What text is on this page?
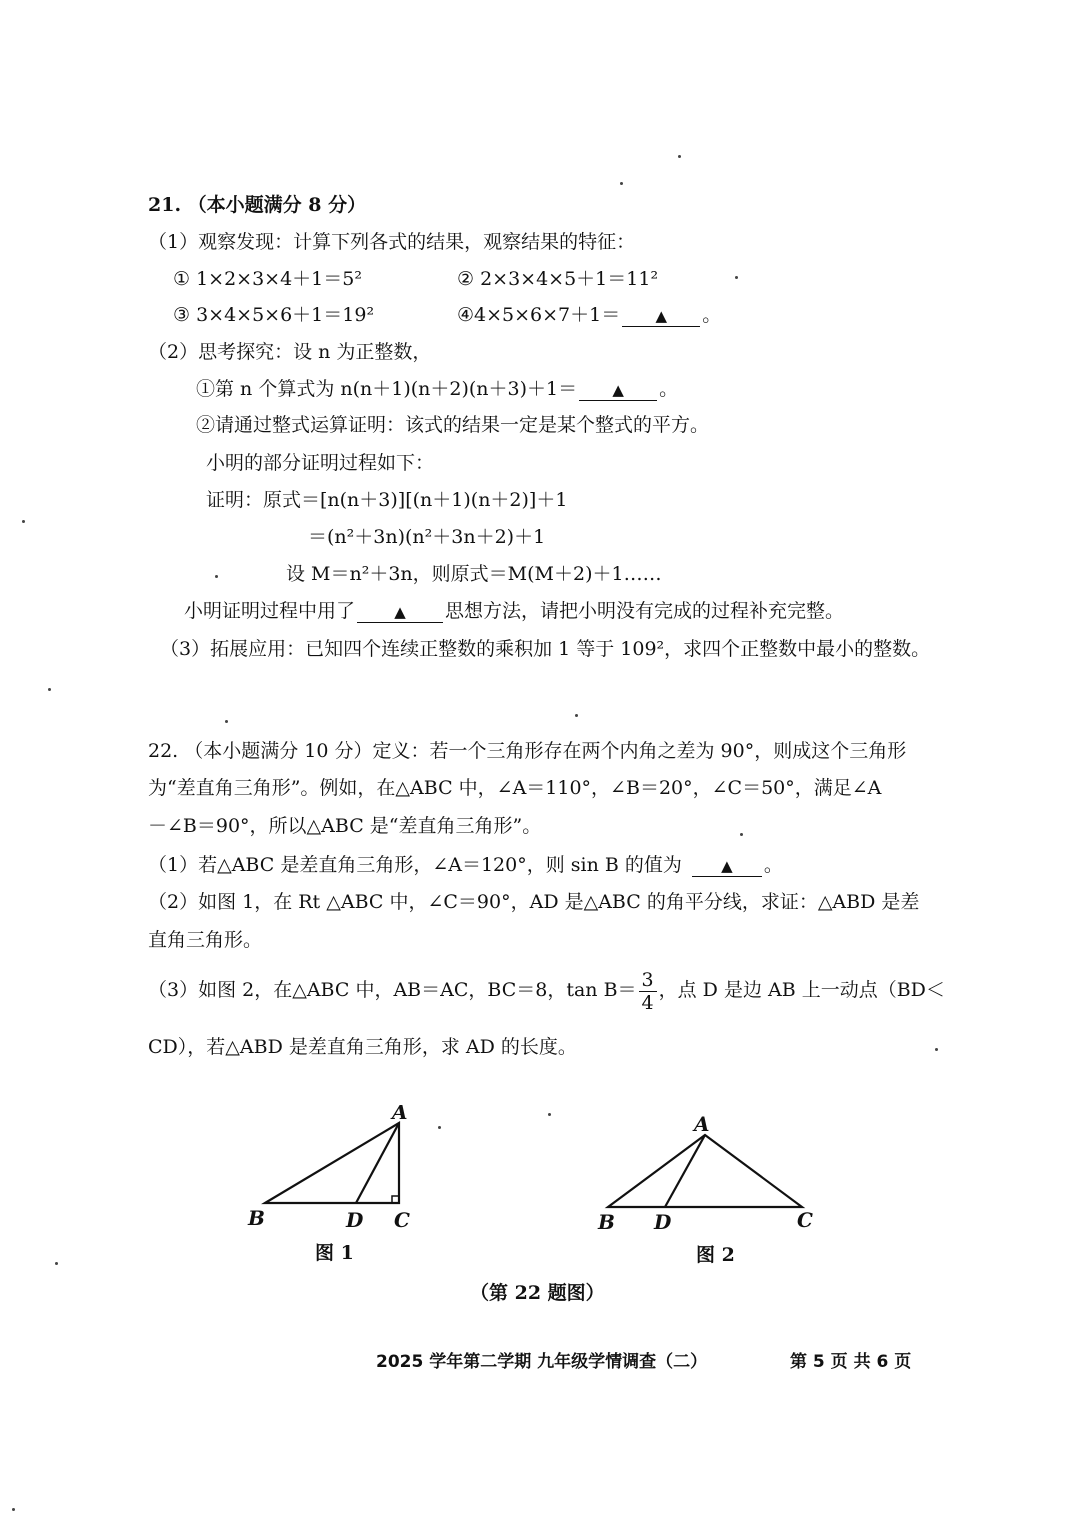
21. （本小题满分 8 分）
（1）观察发现：计算下列各式的结果，观察结果的特征：
① 1×2×3×4＋1＝5²	② 2×3×4×5＋1＝11²
③ 3×4×5×6＋1＝19²	④4×5×6×7＋1＝ ▲ 。
（2）思考探究：设 n 为正整数，
①第 n 个算式为 n(n＋1)(n＋2)(n＋3)＋1＝ ▲ 。
②请通过整式运算证明：该式的结果一定是某个整式的平方。
小明的部分证明过程如下：
证明：原式＝[n(n＋3)][(n＋1)(n＋2)]＋1
＝(n²＋3n)(n²＋3n＋2)＋1
设 M＝n²＋3n，则原式＝M(M＋2)＋1……
小明证明过程中用了	▲ 思想方法，请把小明没有完成的过程补充完整。
（3）拓展应用：已知四个连续正整数的乘积加 1 等于 109²，求四个正整数中最小的整数。
22. （本小题满分 10 分）定义：若一个三角形存在两个内角之差为 90°，则成这个三角形
为“差直角三角形”。例如，在△ABC 中，∠A＝110°，∠B＝20°，∠C＝50°，满足∠A
－∠B＝90°，所以△ABC 是“差直角三角形”。
（1）若△ABC 是差直角三角形，∠A＝120°，则 sin B 的值为	▲ 。
（2）如图 1，在 Rt △ABC 中，∠C＝90°，AD 是△ABC 的角平分线，求证：△ABD 是差
直角三角形。
（3）如图 2，在△ABC 中，AB＝AC，BC＝8，$\tan B= \frac{3}{4}$ ，点 D 是边 AB 上一动点（BD＜
CD），若△ABD 是差直角三角形，求 AD 的长度。
A
B	D C
图 1
A
B D	C
图 2
（第 22 题图）
2025 学年第二学期 九年级学情调查（二）	第 5 页 共 6 页
